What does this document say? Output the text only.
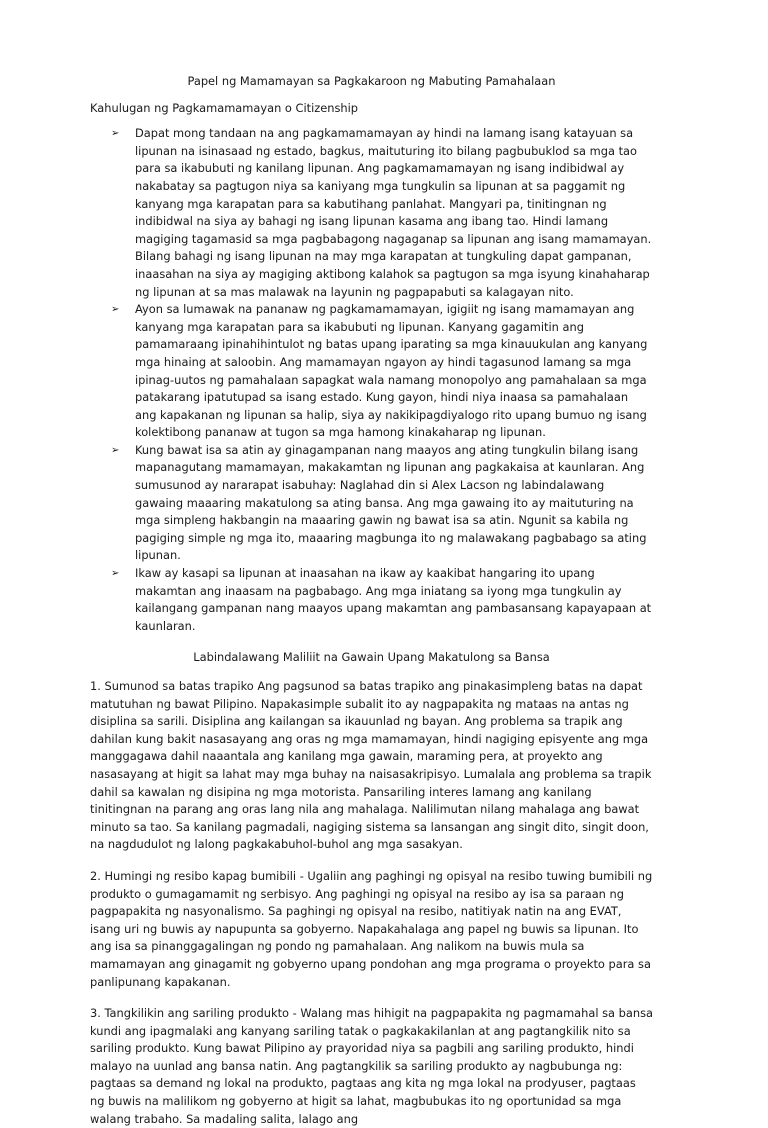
Papel ng Mamamayan sa Pagkakaroon ng Mabuting Pamahalaan

Kahulugan ng Pagkamamamayan o Citizenship

➢ Dapat mong tandaan na ang pagkamamamayan ay hindi na lamang isang katayuan sa lipunan na isinasaad ng estado, bagkus, maituturing ito bilang pagbubuklod sa mga tao para sa ikabubuti ng kanilang lipunan. Ang pagkamamamayan ng isang indibidwal ay nakabatay sa pagtugon niya sa kaniyang mga tungkulin sa lipunan at sa paggamit ng kanyang mga karapatan para sa kabutihang panlahat. Mangyari pa, tinitingnan ng indibidwal na siya ay bahagi ng isang lipunan kasama ang ibang tao. Hindi lamang magiging tagamasid sa mga pagbabagong nagaganap sa lipunan ang isang mamamayan. Bilang bahagi ng isang lipunan na may mga karapatan at tungkuling dapat gampanan, inaasahan na siya ay magiging aktibong kalahok sa pagtugon sa mga isyung kinahaharap ng lipunan at sa mas malawak na layunin ng pagpapabuti sa kalagayan nito.
➢ Ayon sa lumawak na pananaw ng pagkamamamayan, igigiit ng isang mamamayan ang kanyang mga karapatan para sa ikabubuti ng lipunan. Kanyang gagamitin ang pamamaraang ipinahihintulot ng batas upang iparating sa mga kinauukulan ang kanyang mga hinaing at saloobin. Ang mamamayan ngayon ay hindi tagasunod lamang sa mga ipinag-uutos ng pamahalaan sapagkat wala namang monopolyo ang pamahalaan sa mga patakarang ipatutupad sa isang estado. Kung gayon, hindi niya inaasa sa pamahalaan ang kapakanan ng lipunan sa halip, siya ay nakikipagdiyalogo rito upang bumuo ng isang kolektibong pananaw at tugon sa mga hamong kinakaharap ng lipunan.
➢ Kung bawat isa sa atin ay ginagampanan nang maayos ang ating tungkulin bilang isang mapanagutang mamamayan, makakamtan ng lipunan ang pagkakaisa at kaunlaran. Ang sumusunod ay nararapat isabuhay: Naglahad din si Alex Lacson ng labindalawang gawaing maaaring makatulong sa ating bansa. Ang mga gawaing ito ay maituturing na mga simpleng hakbangin na maaaring gawin ng bawat isa sa atin. Ngunit sa kabila ng pagiging simple ng mga ito, maaaring magbunga ito ng malawakang pagbabago sa ating lipunan.
➢ Ikaw ay kasapi sa lipunan at inaasahan na ikaw ay kaakibat hangaring ito upang makamtan ang inaasam na pagbabago. Ang mga iniatang sa iyong mga tungkulin ay kailangang gampanan nang maayos upang makamtan ang pambasansang kapayapaan at kaunlaran.

Labindalawang Maliliit na Gawain Upang Makatulong sa Bansa

1. Sumunod sa batas trapiko Ang pagsunod sa batas trapiko ang pinakasimpleng batas na dapat matutuhan ng bawat Pilipino. Napakasimple subalit ito ay nagpapakita ng mataas na antas ng disiplina sa sarili. Disiplina ang kailangan sa ikauunlad ng bayan. Ang problema sa trapik ang dahilan kung bakit nasasayang ang oras ng mga mamamayan, hindi nagiging episyente ang mga manggagawa dahil naaantala ang kanilang mga gawain, maraming pera, at proyekto ang nasasayang at higit sa lahat may mga buhay na naisasakripisyo. Lumalala ang problema sa trapik dahil sa kawalan ng disipina ng mga motorista. Pansariling interes lamang ang kanilang tinitingnan na parang ang oras lang nila ang mahalaga. Nalilimutan nilang mahalaga ang bawat minuto sa tao. Sa kanilang pagmadali, nagiging sistema sa lansangan ang singit dito, singit doon, na nagdudulot ng lalong pagkakabuhol-buhol ang mga sasakyan.

2. Humingi ng resibo kapag bumibili - Ugaliin ang paghingi ng opisyal na resibo tuwing bumibili ng produkto o gumagamamit ng serbisyo. Ang paghingi ng opisyal na resibo ay isa sa paraan ng pagpapakita ng nasyonalismo. Sa paghingi ng opisyal na resibo, natitiyak natin na ang EVAT, isang uri ng buwis ay napupunta sa gobyerno. Napakahalaga ang papel ng buwis sa lipunan. Ito ang isa sa pinanggagalingan ng pondo ng pamahalaan. Ang nalikom na buwis mula sa mamamayan ang ginagamit ng gobyerno upang pondohan ang mga programa o proyekto para sa panlipunang kapakanan.

3. Tangkilikin ang sariling produkto - Walang mas hihigit na pagpapakita ng pagmamahal sa bansa kundi ang ipagmalaki ang kanyang sariling tatak o pagkakakilanlan at ang pagtangkilik nito sa sariling produkto. Kung bawat Pilipino ay prayoridad niya sa pagbili ang sariling produkto, hindi malayo na uunlad ang bansa natin. Ang pagtangkilik sa sariling produkto ay nagbubunga ng: pagtaas sa demand ng lokal na produkto, pagtaas ang kita ng mga lokal na prodyuser, pagtaas ng buwis na malilikom ng gobyerno at higit sa lahat, magbubukas ito ng oportunidad sa mga walang trabaho. Sa madaling salita, lalago ang
